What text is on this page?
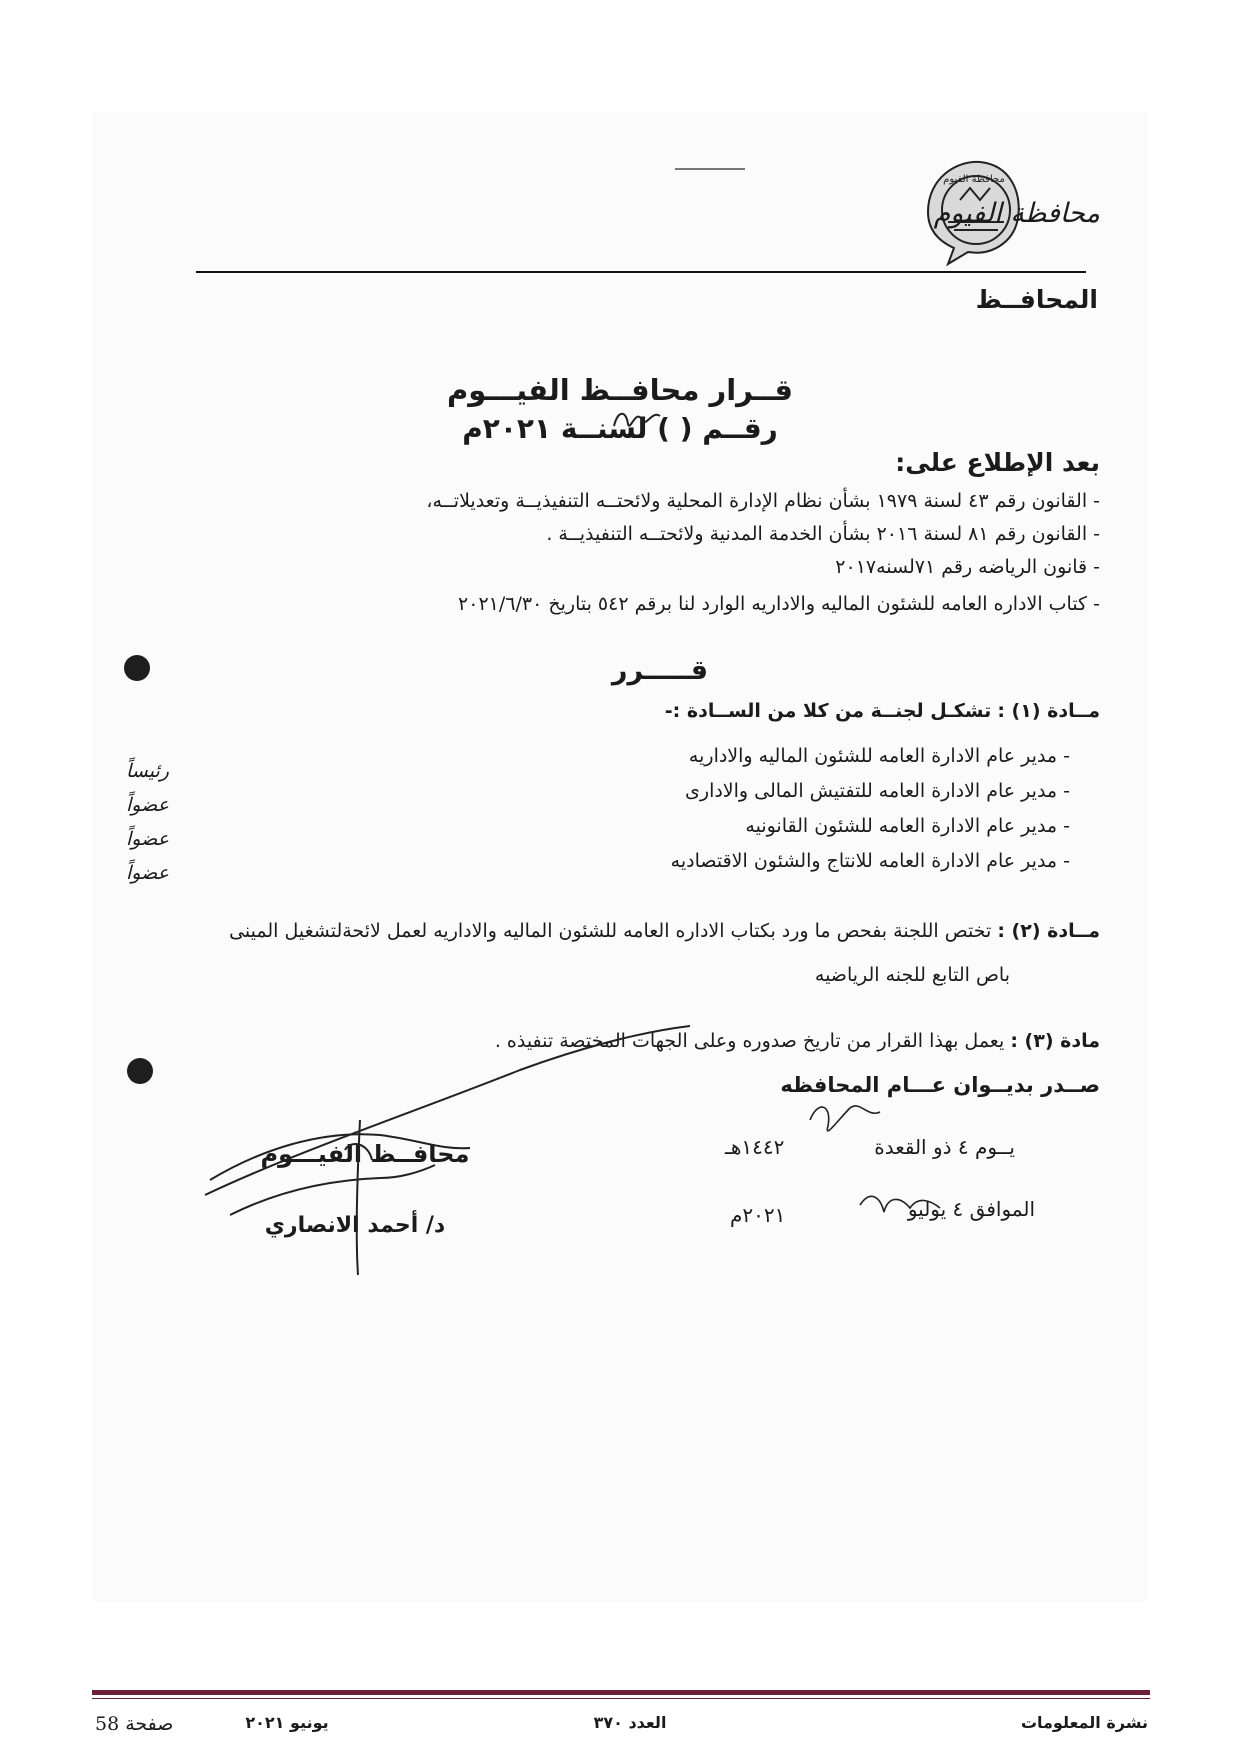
محافظة الفيوم
محافظة الفيوم
المحافــظ
قــرار محافــظ الفيـــوم
رقــم ( ) لسنــة ٢٠٢١م
بعد الإطلاع على:
- القانون رقم ٤٣ لسنة ١٩٧٩ بشأن نظام الإدارة المحلية ولائحتــه التنفيذيــة وتعديلاتــه،
- القانون رقم ٨١ لسنة ٢٠١٦ بشأن الخدمة المدنية ولائحتــه التنفيذيــة .
- قانون الرياضه رقم ٧١لسنه٢٠١٧
- كتاب الاداره العامه للشئون الماليه والاداريه الوارد لنا برقم ٥٤٢ بتاريخ ٢٠٢١/٦/٣٠
قـــــرر
مــادة (١) : تشكـل لجنــة من كلا من الســادة :-
- مدير عام الادارة العامه للشئون الماليه والاداريه
- مدير عام الادارة العامه للتفتيش المالى والادارى
- مدير عام الادارة العامه للشئون القانونيه
- مدير عام الادارة العامه للانتاج والشئون الاقتصاديه
رئيساً
عضواً
عضواً
عضواً
مــادة (٢) : تختص اللجنة بفحص ما ورد بكتاب الاداره العامه للشئون الماليه والاداريه لعمل لائحةلتشغيل المينى
باص التابع للجنه الرياضيه
مادة (٣) : يعمل بهذا القرار من تاريخ صدوره وعلى الجهات المختصة تنفيذه .
صــدر بديــوان عـــام المحافظه
يــوم ٤ ذو القعدة
١٤٤٢هـ
الموافق ٤ يوليو
٢٠٢١م
محافــظ الفيـــوم
د/ أحمد الانصاري
نشرة المعلومات
العدد ٣٧٠
يونيو ٢٠٢١
صفحة 58
